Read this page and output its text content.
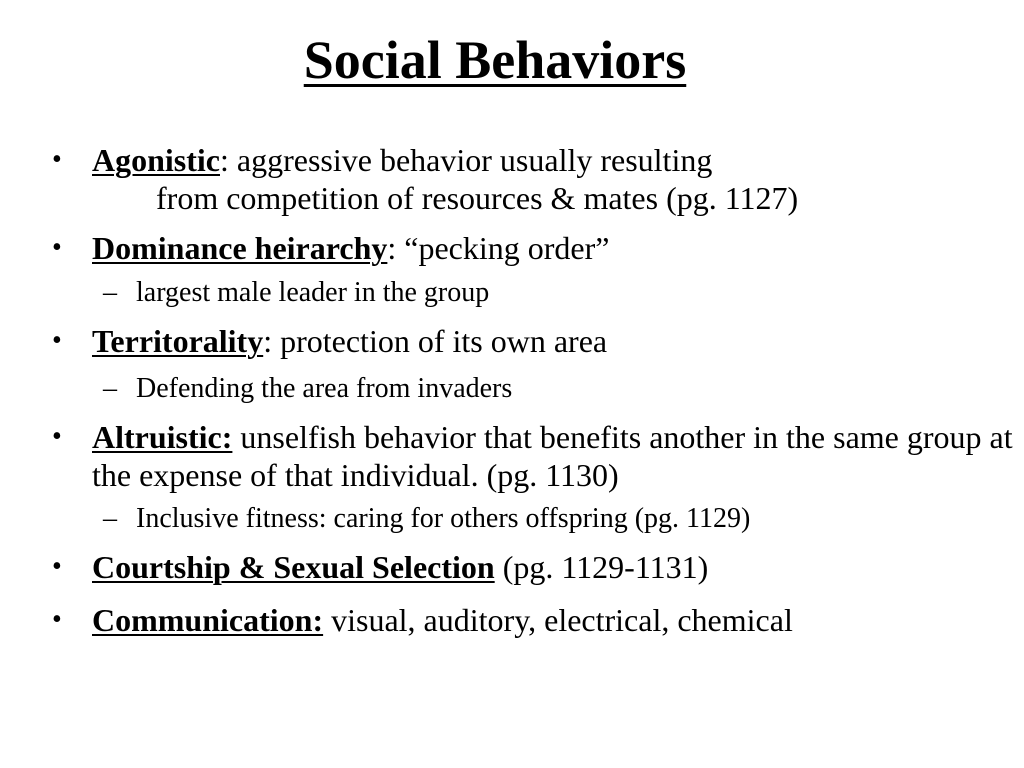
Social Behaviors
• Agonistic: aggressive behavior usually resulting
from competition of resources & mates (pg. 1127)
• Dominance heirarchy: “pecking order”
– largest male leader in the group
• Territorality: protection of its own area
– Defending the area from invaders
• Altruistic: unselfish behavior that benefits another in the same group at the expense of that individual. (pg. 1130)
– Inclusive fitness: caring for others offspring (pg. 1129)
• Courtship & Sexual Selection (pg. 1129-1131)
• Communication: visual, auditory, electrical, chemical
